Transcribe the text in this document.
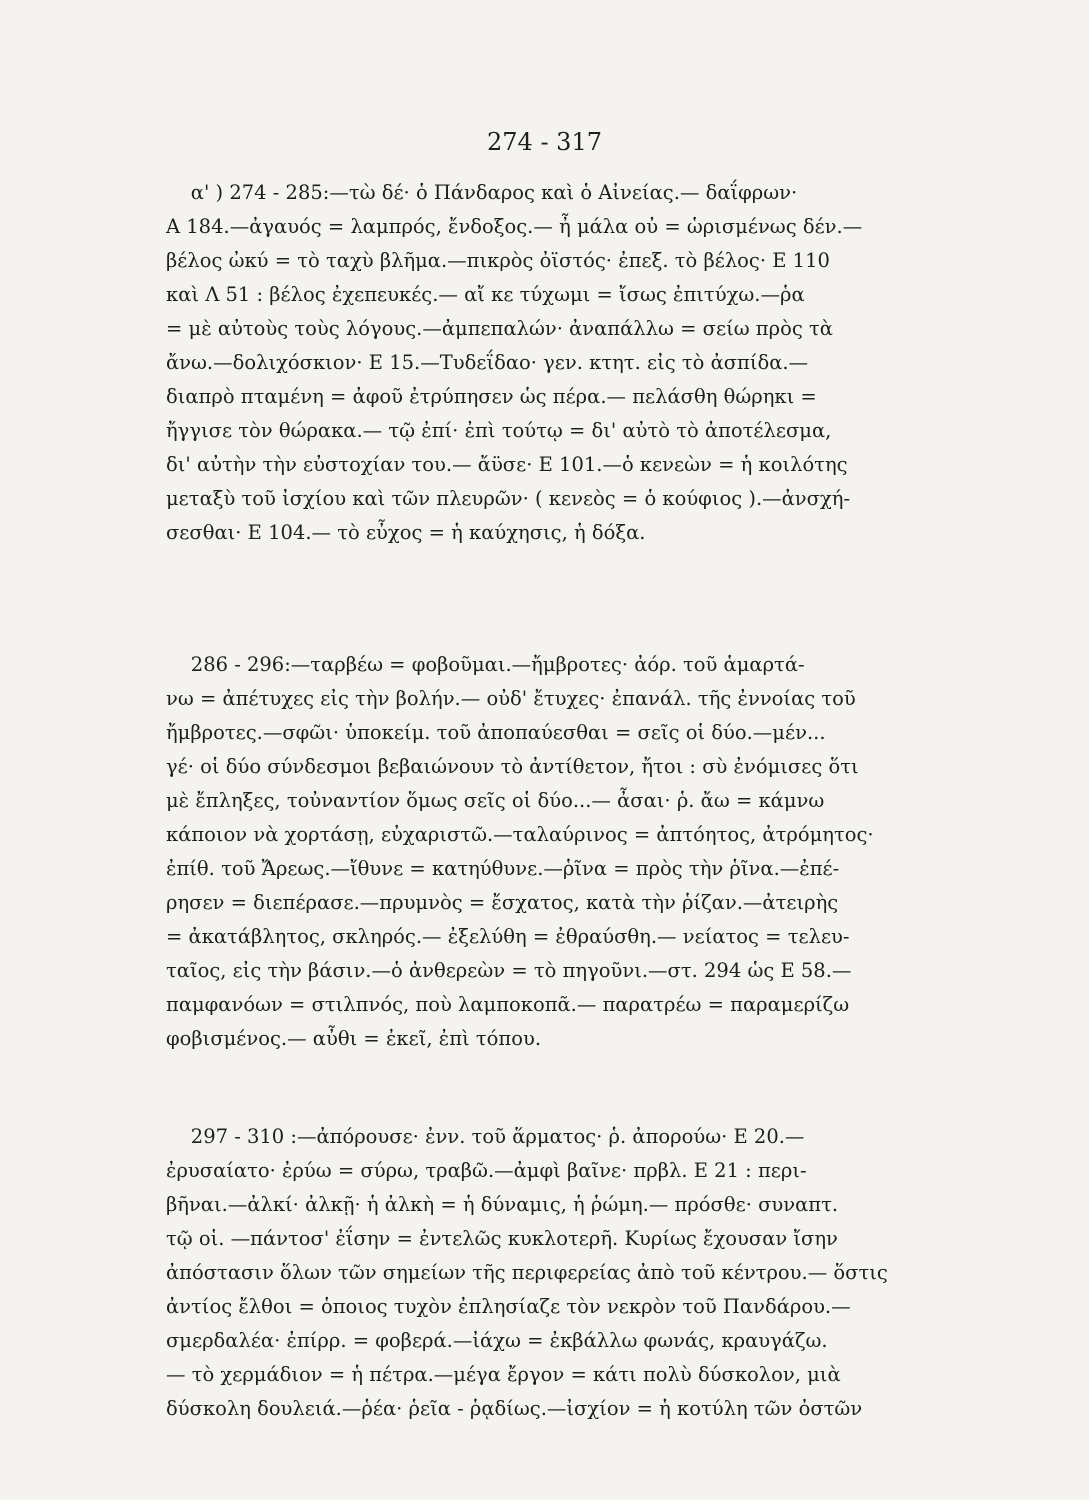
274 - 317
α' ) 274 - 285:—τὼ δέ· ὁ Πάνδαρος καὶ ὁ Αἰνείας.— δαΐφρων·
Α 184.—ἀγαυός = λαμπρός, ἔνδοξος.— ἦ μάλα οὐ = ὡρισμένως δέν.—
βέλος ὠκύ = τὸ ταχὺ βλῆμα.—πικρὸς ὀϊστός· ἐπεξ. τὸ βέλος· Ε 110
καὶ Λ 51 : βέλος ἐχεπευκές.— αἴ κε τύχωμι = ἴσως ἐπιτύχω.—ῥα
= μὲ αὐτοὺς τοὺς λόγους.—ἀμπεπαλών· ἀναπάλλω = σείω πρὸς τὰ
ἄνω.—δολιχόσκιον· Ε 15.—Τυδεΐδαο· γεν. κτητ. εἰς τὸ ἀσπίδα.—
διαπρὸ πταμένη = ἀφοῦ ἐτρύπησεν ὡς πέρα.— πελάσθη θώρηκι =
ἤγγισε τὸν θώρακα.— τῷ ἐπί· ἐπὶ τούτῳ = δι' αὐτὸ τὸ ἀποτέλεσμα,
δι' αὐτὴν τὴν εὐστοχίαν του.— ἄϋσε· Ε 101.—ὁ κενεὼν = ἡ κοιλότης
μεταξὺ τοῦ ἰσχίου καὶ τῶν πλευρῶν· ( κενεὸς = ὁ κούφιος ).—ἀνσχή-
σεσθαι· Ε 104.— τὸ εὖχος = ἡ καύχησις, ἡ δόξα.
286 - 296:—ταρβέω = φοβοῦμαι.—ἤμβροτες· ἀόρ. τοῦ ἁμαρτά-
νω = ἀπέτυχες εἰς τὴν βολήν.— οὐδ' ἔτυχες· ἐπανάλ. τῆς ἐννοίας τοῦ
ἤμβροτες.—σφῶι· ὑποκείμ. τοῦ ἀποπαύεσθαι = σεῖς οἱ δύο.—μέν...
γέ· οἱ δύο σύνδεσμοι βεβαιώνουν τὸ ἀντίθετον, ἤτοι : σὺ ἐνόμισες ὅτι
μὲ ἔπληξες, τοὐναντίον ὅμως σεῖς οἱ δύο...— ἆσαι· ῥ. ἄω = κάμνω
κάποιον νὰ χορτάσῃ, εὐχαριστῶ.—ταλαύρινος = ἀπτόητος, ἀτρόμητος·
ἐπίθ. τοῦ Ἄρεως.—ἴθυνε = κατηύθυνε.—ῥῖνα = πρὸς τὴν ῥῖνα.—ἐπέ-
ρησεν = διεπέρασε.—πρυμνὸς = ἔσχατος, κατὰ τὴν ῥίζαν.—ἀτειρὴς
= ἀκατάβλητος, σκληρός.— ἐξελύθη = ἐθραύσθη.— νείατος = τελευ-
ταῖος, εἰς τὴν βάσιν.—ὁ ἀνθερεὼν = τὸ πηγοῦνι.—στ. 294 ὡς Ε 58.—
παμφανόων = στιλπνός, ποὺ λαμποκοπᾶ.— παρατρέω = παραμερίζω
φοβισμένος.— αὖθι = ἐκεῖ, ἐπὶ τόπου.
297 - 310 :—ἀπόρουσε· ἐνν. τοῦ ἅρματος· ῥ. ἀπορούω· Ε 20.—
ἐρυσαίατο· ἐρύω = σύρω, τραβῶ.—ἀμφὶ βαῖνε· πρβλ. Ε 21 : περι-
βῆναι.—ἀλκί· ἀλκῇ· ἡ ἀλκὴ = ἡ δύναμις, ἡ ῥώμη.— πρόσθε· συναπτ.
τῷ οἱ. —πάντοσ' ἐΐσην = ἐντελῶς κυκλοτερῆ. Κυρίως ἔχουσαν ἴσην
ἀπόστασιν ὅλων τῶν σημείων τῆς περιφερείας ἀπὸ τοῦ κέντρου.— ὅστις
ἀντίος ἔλθοι = ὁποιος τυχὸν ἐπλησίαζε τὸν νεκρὸν τοῦ Πανδάρου.—
σμερδαλέα· ἐπίρρ. = φοβερά.—ἰάχω = ἐκβάλλω φωνάς, κραυγάζω.
— τὸ χερμάδιον = ἡ πέτρα.—μέγα ἔργον = κάτι πολὺ δύσκολον, μιὰ
δύσκολη δουλειά.—ῥέα· ῥεῖα - ῥᾳδίως.—ἰσχίον = ἡ κοτύλη τῶν ὀστῶν
